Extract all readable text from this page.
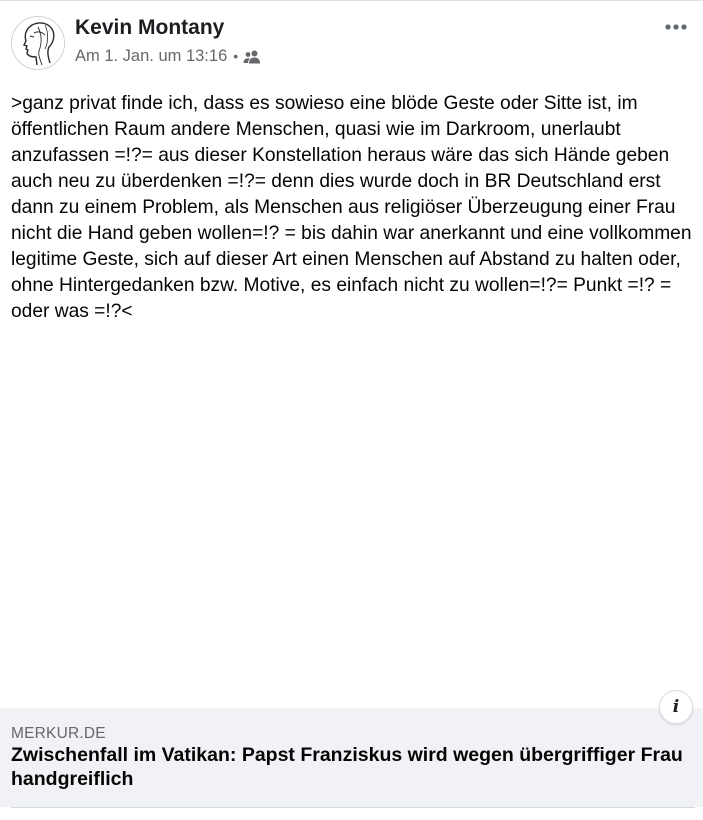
Kevin Montany
Am 1. Jan. um 13:16 •
>ganz privat finde ich, dass es sowieso eine blöde Geste oder Sitte ist, im öffentlichen Raum andere Menschen, quasi wie im Darkroom, unerlaubt anzufassen =!?= aus dieser Konstellation heraus wäre das sich Hände geben auch neu zu überdenken =!?= denn dies wurde doch in BR Deutschland erst dann zu einem Problem, als Menschen aus religiöser Überzeugung einer Frau nicht die Hand geben wollen=!? = bis dahin war anerkannt und eine vollkommen legitime Geste, sich auf dieser Art einen Menschen auf Abstand zu halten oder, ohne Hintergedanken bzw. Motive, es einfach nicht zu wollen=!?= Punkt =!? = oder was =!?<
i
MERKUR.DE
Zwischenfall im Vatikan: Papst Franziskus wird wegen übergriffiger Frau handgreiflich
